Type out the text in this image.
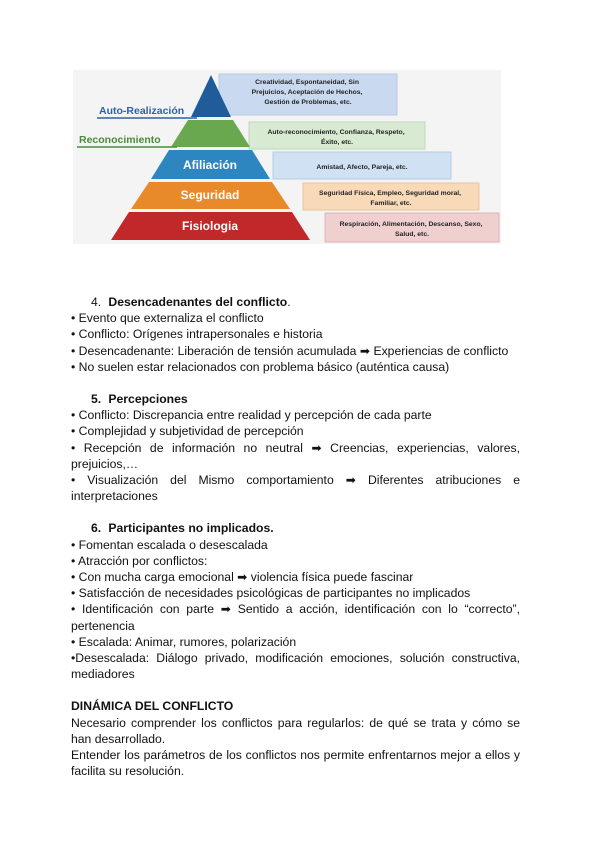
Fisiologia
Seguridad
Afiliación
Reconocimiento
Auto-Realización
Creatividad, Espontaneidad, Sin Prejuicios, Aceptación de Hechos, Gestión de Problemas, etc.
Auto-reconocimiento, Confianza, Respeto, Éxito, etc.
Amistad, Afecto, Pareja, etc.
Seguridad Física, Empleo, Seguridad moral, Familiar, etc.
Respiración, Alimentación, Descanso, Sexo, Salud, etc.

4. Desencadenantes del conflicto.

• Evento que externaliza el conflicto

• Conflicto: Orígenes intrapersonales e historia

• Desencadenante: Liberación de tensión acumulada ➡ Experiencias de conflicto

• No suelen estar relacionados con problema básico (auténtica causa)

5. Percepciones

• Conflicto: Discrepancia entre realidad y percepción de cada parte

• Complejidad y subjetividad de percepción

• Recepción de información no neutral ➡ Creencias, experiencias, valores, prejuicios,…

• Visualización del Mismo comportamiento ➡ Diferentes atribuciones e interpretaciones

6. Participantes no implicados.

• Fomentan escalada o desescalada

• Atracción por conflictos:

• Con mucha carga emocional ➡ violencia física puede fascinar

• Satisfacción de necesidades psicológicas de participantes no implicados

• Identificación con parte ➡ Sentido a acción, identificación con lo “correcto”, pertenencia

• Escalada: Animar, rumores, polarización

•Desescalada: Diálogo privado, modificación emociones, solución constructiva, mediadores

DINÁMICA DEL CONFLICTO

Necesario comprender los conflictos para regularlos: de qué se trata y cómo se han desarrollado.

Entender los parámetros de los conflictos nos permite enfrentarnos mejor a ellos y facilita su resolución.
